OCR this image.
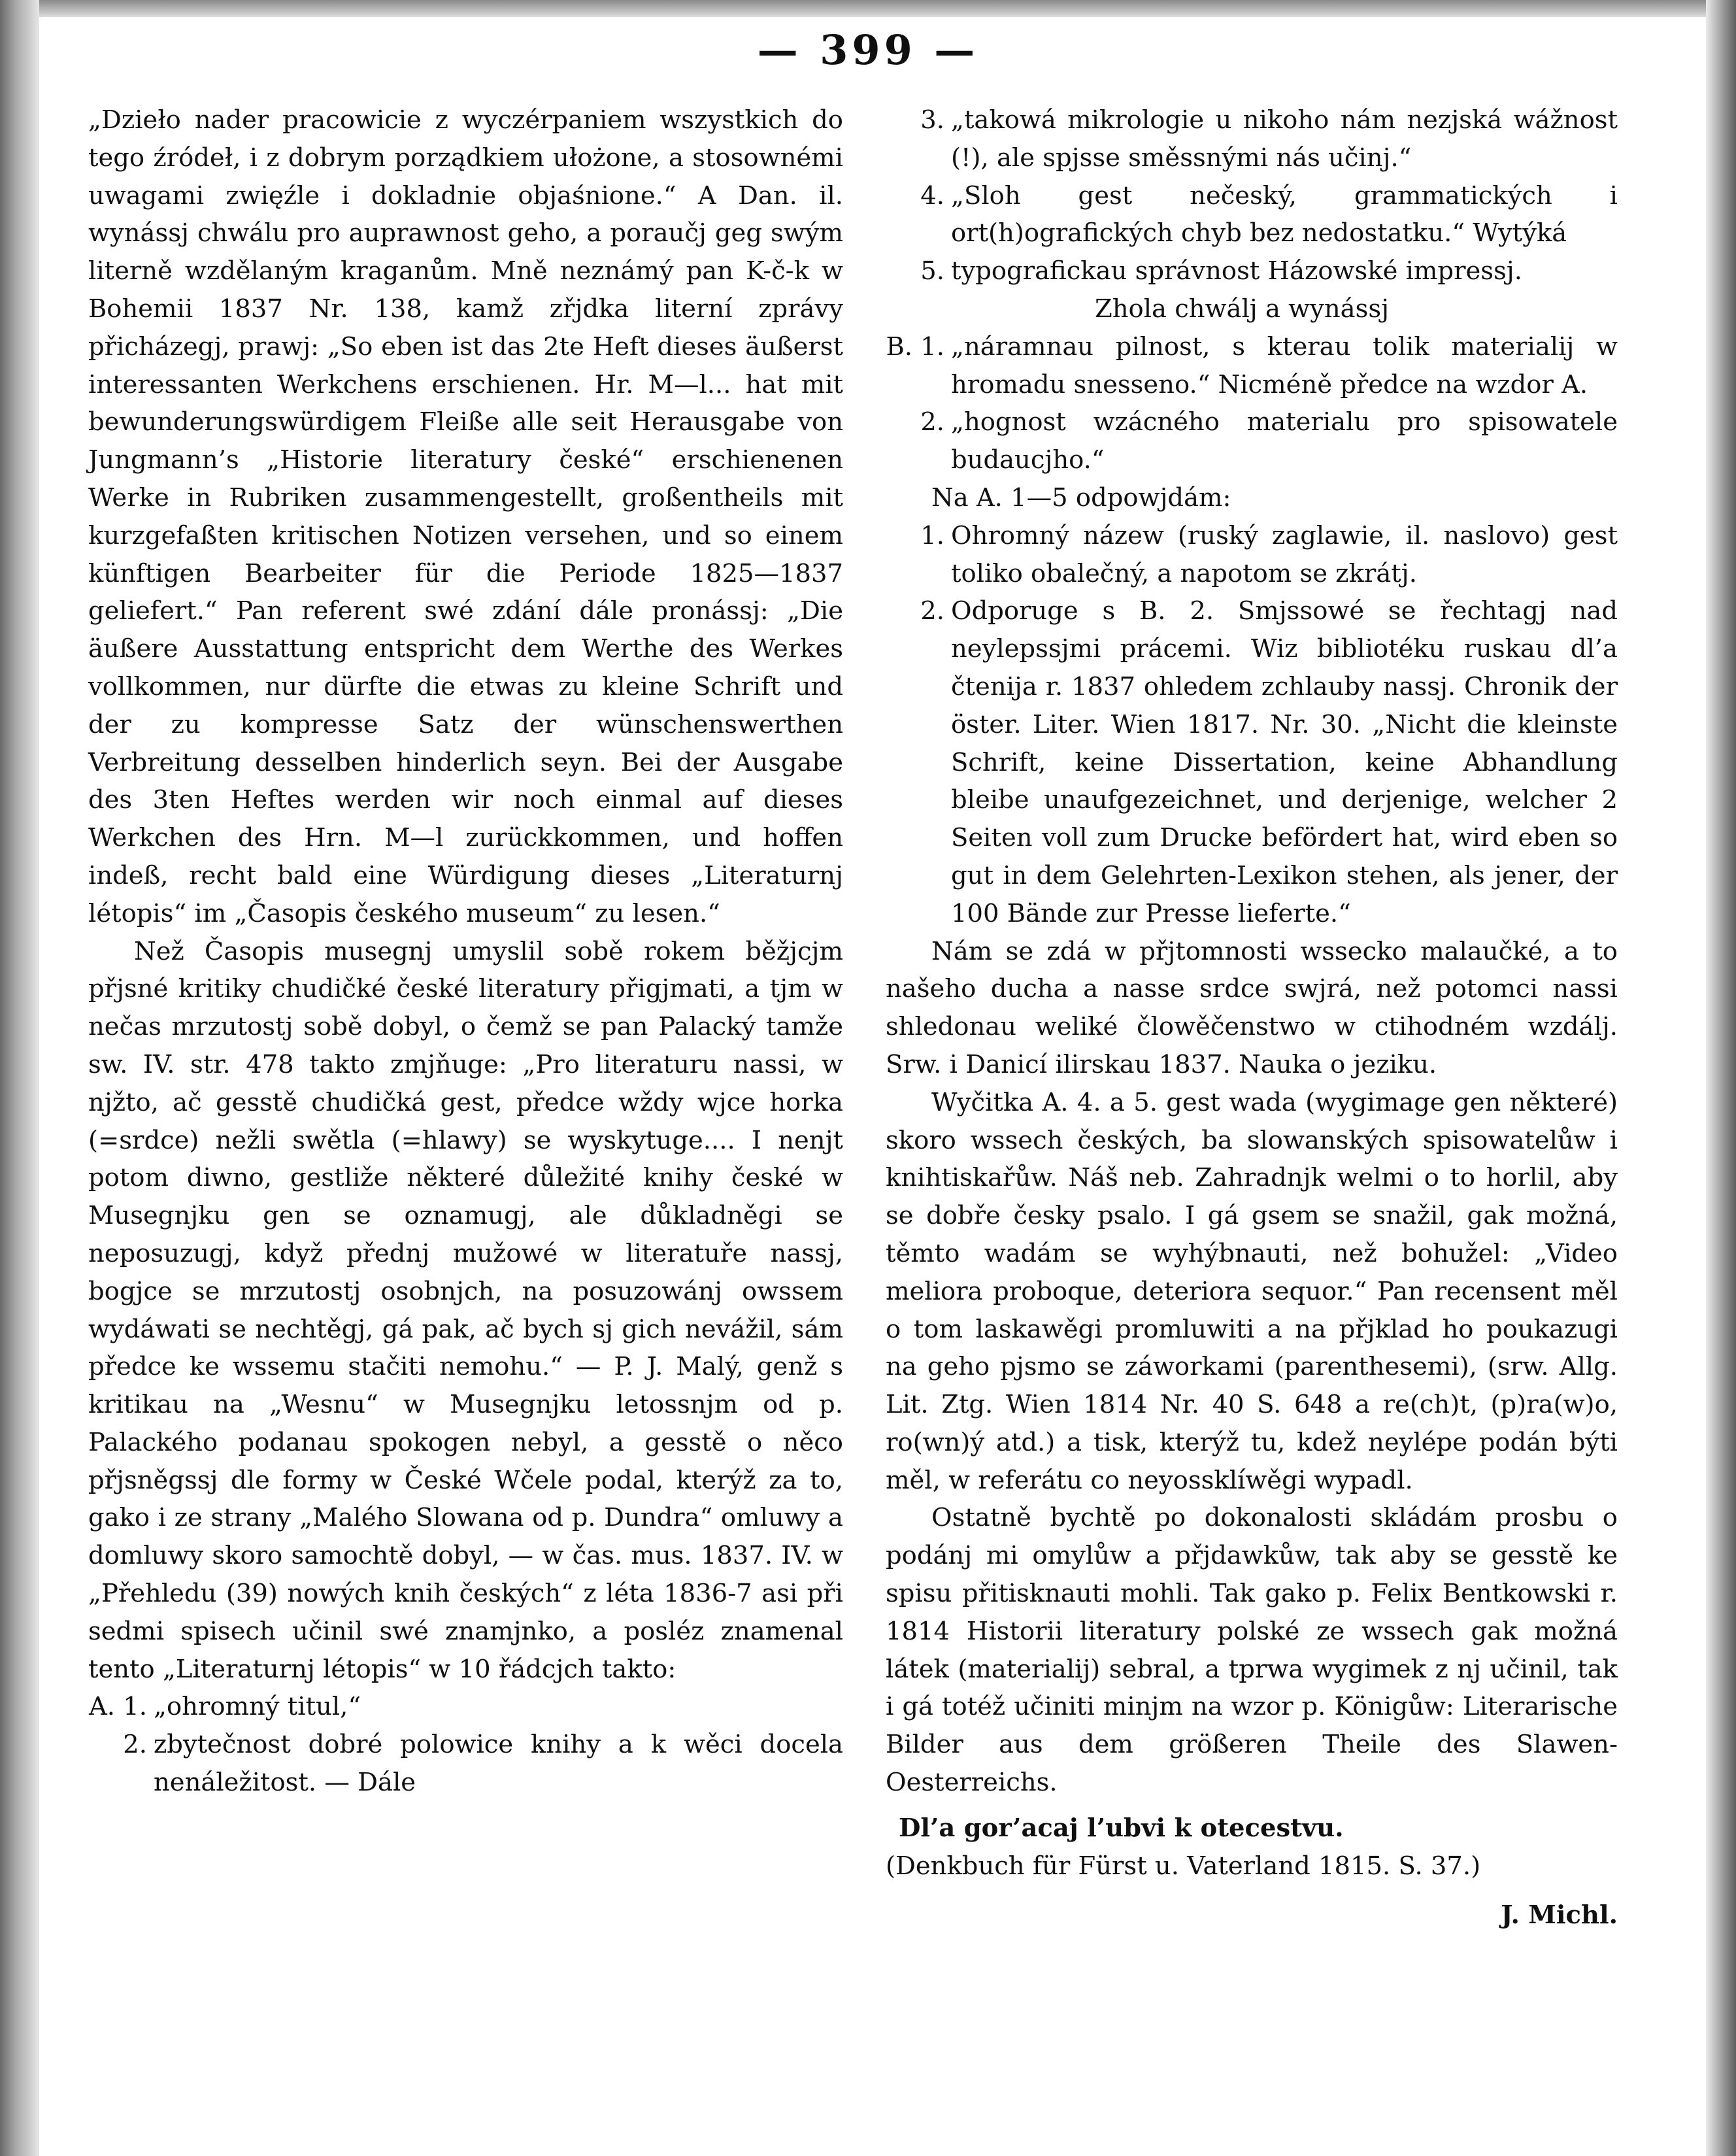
— 399 —

„Dzieło nader pracowicie z wyczérpaniem wszystkich do tego źródeł, i z dobrym porządkiem ułożone, a stosownémi uwagami zwięźle i dokladnie objaśnione.“ A Dan. il. wynássj chwálu pro auprawnost geho, a poraučj geg swým literně wzdělaným kraganům. Mně neznámý pan K-č-k w Bohemii 1837 Nr. 138, kamž zřjdka literní zprávy přicházegj, prawj: „So eben ist das 2te Heft dieses äußerst interessanten Werkchens erschienen. Hr. M—l... hat mit bewunderungswürdigem Fleiße alle seit Herausgabe von Jungmann’s „Historie literatury české“ erschienenen Werke in Rubriken zusammengestellt, großentheils mit kurzgefaßten kritischen Notizen versehen, und so einem künftigen Bearbeiter für die Periode 1825—1837 geliefert.“ Pan referent swé zdání dále pronássj: „Die äußere Ausstattung entspricht dem Werthe des Werkes vollkommen, nur dürfte die etwas zu kleine Schrift und der zu kompresse Satz der wünschenswerthen Verbreitung desselben hinderlich seyn. Bei der Ausgabe des 3ten Heftes werden wir noch einmal auf dieses Werkchen des Hrn. M—l zurückkommen, und hoffen indeß, recht bald eine Würdigung dieses „Literaturnj létopis“ im „Časopis českého museum“ zu lesen.“

Než Časopis musegnj umyslil sobě rokem běžjcjm přjsné kritiky chudičké české literatury přigjmati, a tjm w nečas mrzutostj sobě dobyl, o čemž se pan Palacký tamže sw. IV. str. 478 takto zmjňuge: „Pro literaturu nassi, w njžto, ač gesstě chudičká gest, předce wždy wjce horka (=srdce) nežli swětla (=hlawy) se wyskytuge.... I nenjt potom diwno, gestliže některé důležité knihy české w Musegnjku gen se oznamugj, ale důkladněgi se neposuzugj, když přednj mužowé w literatuře nassj, bogjce se mrzutostj osobnjch, na posuzowánj owssem wydáwati se nechtěgj, gá pak, ač bych sj gich nevážil, sám předce ke wssemu stačiti nemohu.“ — P. J. Malý, genž s kritikau na „Wesnu“ w Musegnjku letossnjm od p. Palackého podanau spokogen nebyl, a gesstě o něco přjsněgssj dle formy w České Wčele podal, kterýž za to, gako i ze strany „Malého Slowana od p. Dundra“ omluwy a domluwy skoro samochtě dobyl, — w čas. mus. 1837. IV. w „Přehledu (39) nowých knih českých“ z léta 1836-7 asi při sedmi spisech učinil swé znamjnko, a posléz znamenal tento „Literaturnj létopis“ w 10 řádcjch takto:

A. 1. „ohromný titul,“
2. zbytečnost dobré polowice knihy a k wěci docela nenáležitost. — Dále
3. „takowá mikrologie u nikoho nám nezjská wážnost (!), ale spjsse směssnými nás učinj.“
4. „Sloh gest nečeský, grammatických i ort(h)ografických chyb bez nedostatku.“ Wytýká
5. typografickau správnost Házowské impressj.

Zhola chwálj a wynássj

B. 1. „náramnau pilnost, s kterau tolik materialij w hromadu snesseno.“ Nicméně předce na wzdor A.
2. „hognost wzácného materialu pro spisowatele budaucjho.“

Na A. 1—5 odpowjdám:

1. Ohromný názew (ruský zaglawie, il. naslovo) gest toliko obalečný, a napotom se zkrátj.
2. Odporuge s B. 2. Smjssowé se řechtagj nad neylepssjmi prácemi. Wiz bibliotéku ruskau dl’a čtenija r. 1837 ohledem zchlauby nassj. Chronik der öster. Liter. Wien 1817. Nr. 30. „Nicht die kleinste Schrift, keine Dissertation, keine Abhandlung bleibe unaufgezeichnet, und derjenige, welcher 2 Seiten voll zum Drucke befördert hat, wird eben so gut in dem Gelehrten-Lexikon stehen, als jener, der 100 Bände zur Presse lieferte.“

Nám se zdá w přjtomnosti wssecko malaučké, a to našeho ducha a nasse srdce swjrá, než potomci nassi shledonau weliké člowěčenstwo w ctihodném wzdálj. Srw. i Danicí ilirskau 1837. Nauka o jeziku.

Wyčitka A. 4. a 5. gest wada (wygimage gen některé) skoro wssech českých, ba slowanských spisowatelůw i knihtiskařůw. Náš neb. Zahradnjk welmi o to horlil, aby se dobře česky psalo. I gá gsem se snažil, gak možná, těmto wadám se wyhýbnauti, než bohužel: „Video meliora proboque, deteriora sequor.“ Pan recensent měl o tom laskawěgi promluwiti a na přjklad ho poukazugi na geho pjsmo se záworkami (parenthesemi), (srw. Allg. Lit. Ztg. Wien 1814 Nr. 40 S. 648 a re(ch)t, (p)ra(w)o, ro(wn)ý atd.) a tisk, kterýž tu, kdež neylépe podán býti měl, w referátu co neyossklíwěgi wypadl.

Ostatně bychtě po dokonalosti skládám prosbu o podánj mi omylůw a přjdawkůw, tak aby se gesstě ke spisu přitisknauti mohli. Tak gako p. Felix Bentkowski r. 1814 Historii literatury polské ze wssech gak možná látek (materialij) sebral, a tprwa wygimek z nj učinil, tak i gá totéž učiniti minjm na wzor p. Königůw: Literarische Bilder aus dem größeren Theile des Slawen-Oesterreichs.

Dl’a gor’acaj l’ubvi k otecestvu.

(Denkbuch für Fürst u. Vaterland 1815. S. 37.)

J. Michl.
